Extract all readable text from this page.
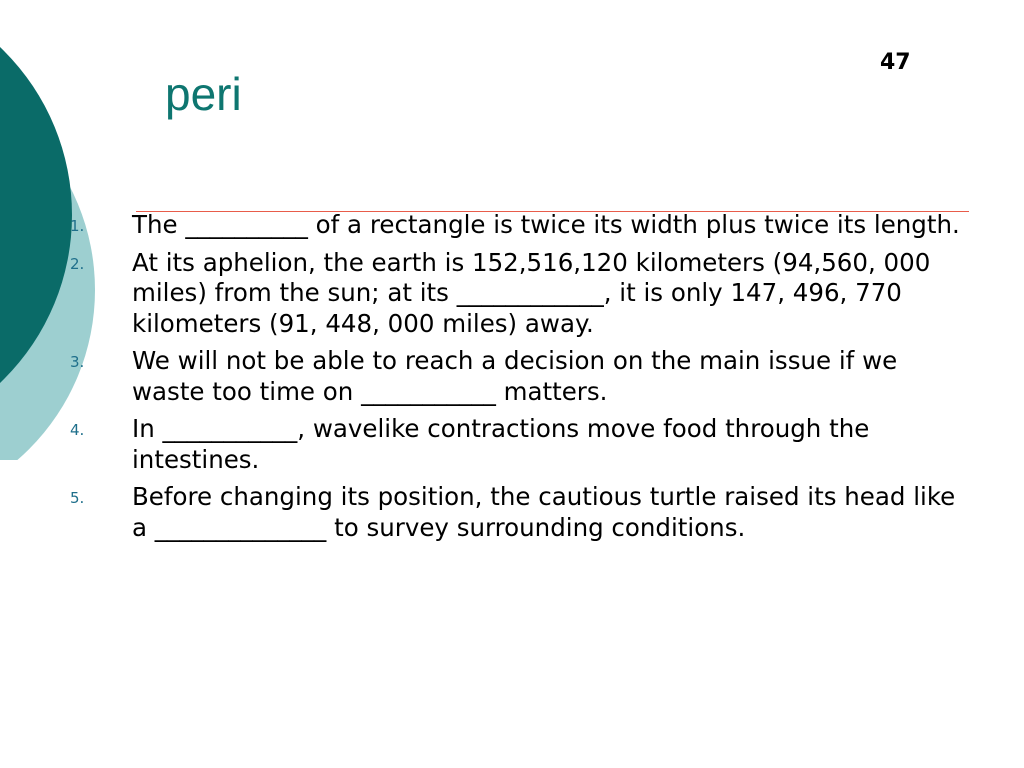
47
peri
1. The __________ of a rectangle is twice its width plus twice its length.
2. At its aphelion, the earth is 152,516,120 kilometers (94,560, 000 miles) from the sun; at its ____________, it is only 147, 496, 770 kilometers (91, 448, 000 miles) away.
3. We will not be able to reach a decision on the main issue if we waste too time on ___________ matters.
4. In ___________, wavelike contractions move food through the intestines.
5. Before changing its position, the cautious turtle raised its head like a ______________ to survey surrounding conditions.
